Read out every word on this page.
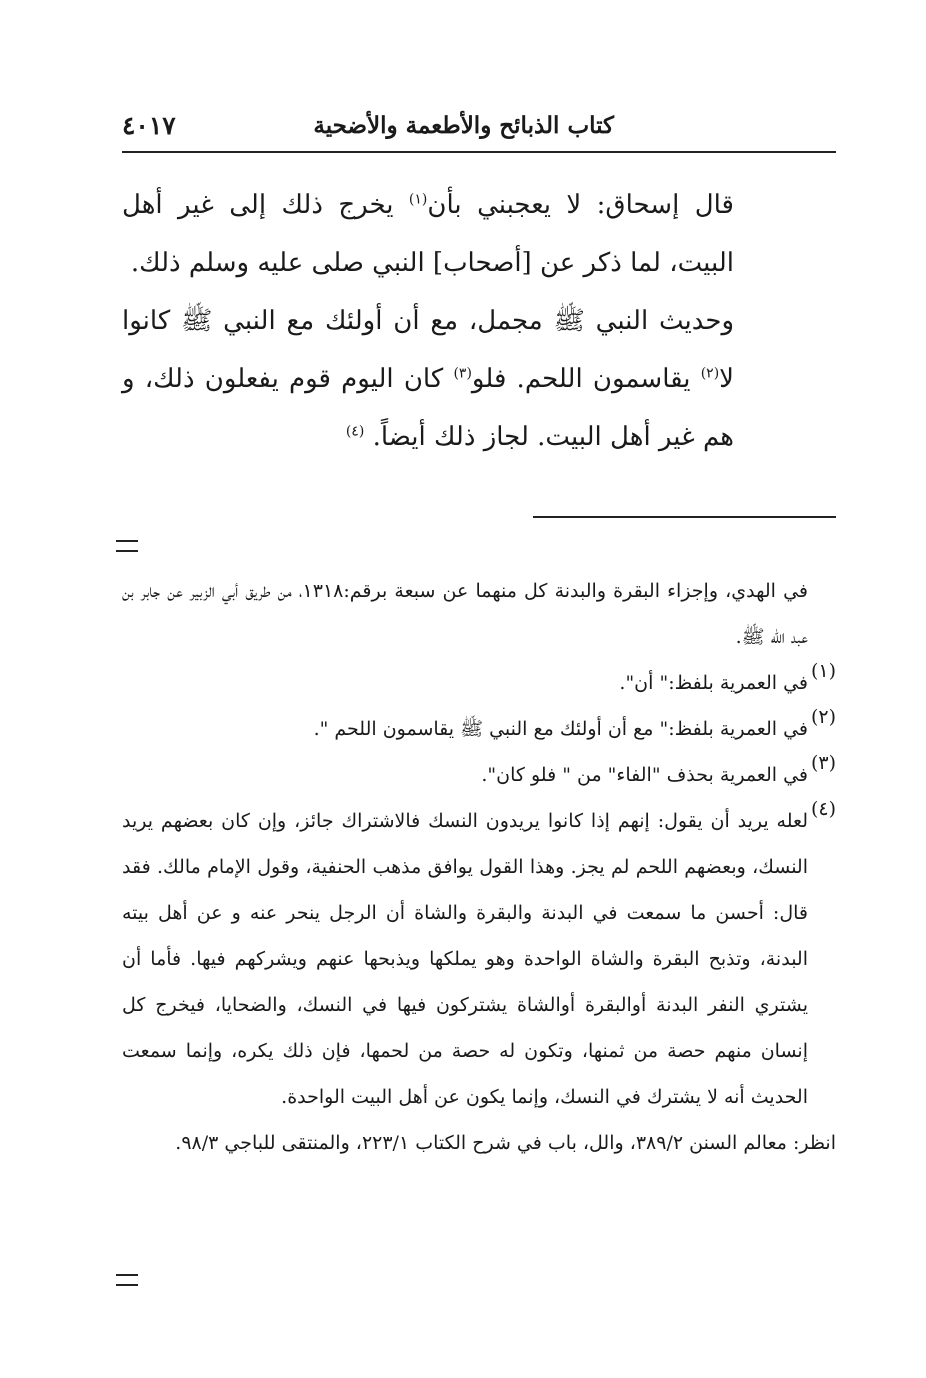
كتاب الذبائح والأطعمة والأضحية
٤٠١٧

قال إسحاق: لا يعجبني بأن$^{(١)}$ يخرج ذلك إلى غير أهل البيت، لما ذكر عن [أصحاب] النبي صلى عليه وسلم ذلك.

وحديث النبي ﷺ مجمل، مع أن أولئك مع النبي ﷺ كانوا لا$^{(٢)}$ يقاسمون اللحم. فلو$^{(٣)}$ كان اليوم قوم يفعلون ذلك، و هم غير أهل البيت. لجاز ذلك أيضاً. $^{(٤)}$

في الهدي، وإجزاء البقرة والبدنة كل منهما عن سبعة برقم:١٣١٨، من طريق أبي الزبير عن جابر بن عبد الله ﷺ.

(١)
في العمرية بلفظ:" أن".
(٢)
في العمرية بلفظ:" مع أن أولئك مع النبي ﷺ يقاسمون اللحم ".
(٣)
في العمرية بحذف "الفاء" من " فلو كان".
(٤)
لعله يريد أن يقول: إنهم إذا كانوا يريدون النسك فالاشتراك جائز، وإن كان بعضهم يريد النسك، وبعضهم اللحم لم يجز. وهذا القول يوافق مذهب الحنفية، وقول الإمام مالك. فقد قال: أحسن ما سمعت في البدنة والبقرة والشاة أن الرجل ينحر عنه و عن أهل بيته البدنة، وتذبح البقرة والشاة الواحدة وهو يملكها ويذبحها عنهم ويشركهم فيها. فأما أن يشتري النفر البدنة أوالبقرة أوالشاة يشتركون فيها في النسك، والضحايا، فيخرج كل إنسان منهم حصة من ثمنها، وتكون له حصة من لحمها، فإن ذلك يكره، وإنما سمعت الحديث أنه لا يشترك في النسك، وإنما يكون عن أهل البيت الواحدة.

انظر: معالم السنن ٣٨٩/٢، والل، باب في شرح الكتاب ٢٢٣/١، والمنتقى للباجي ٩٨/٣.
